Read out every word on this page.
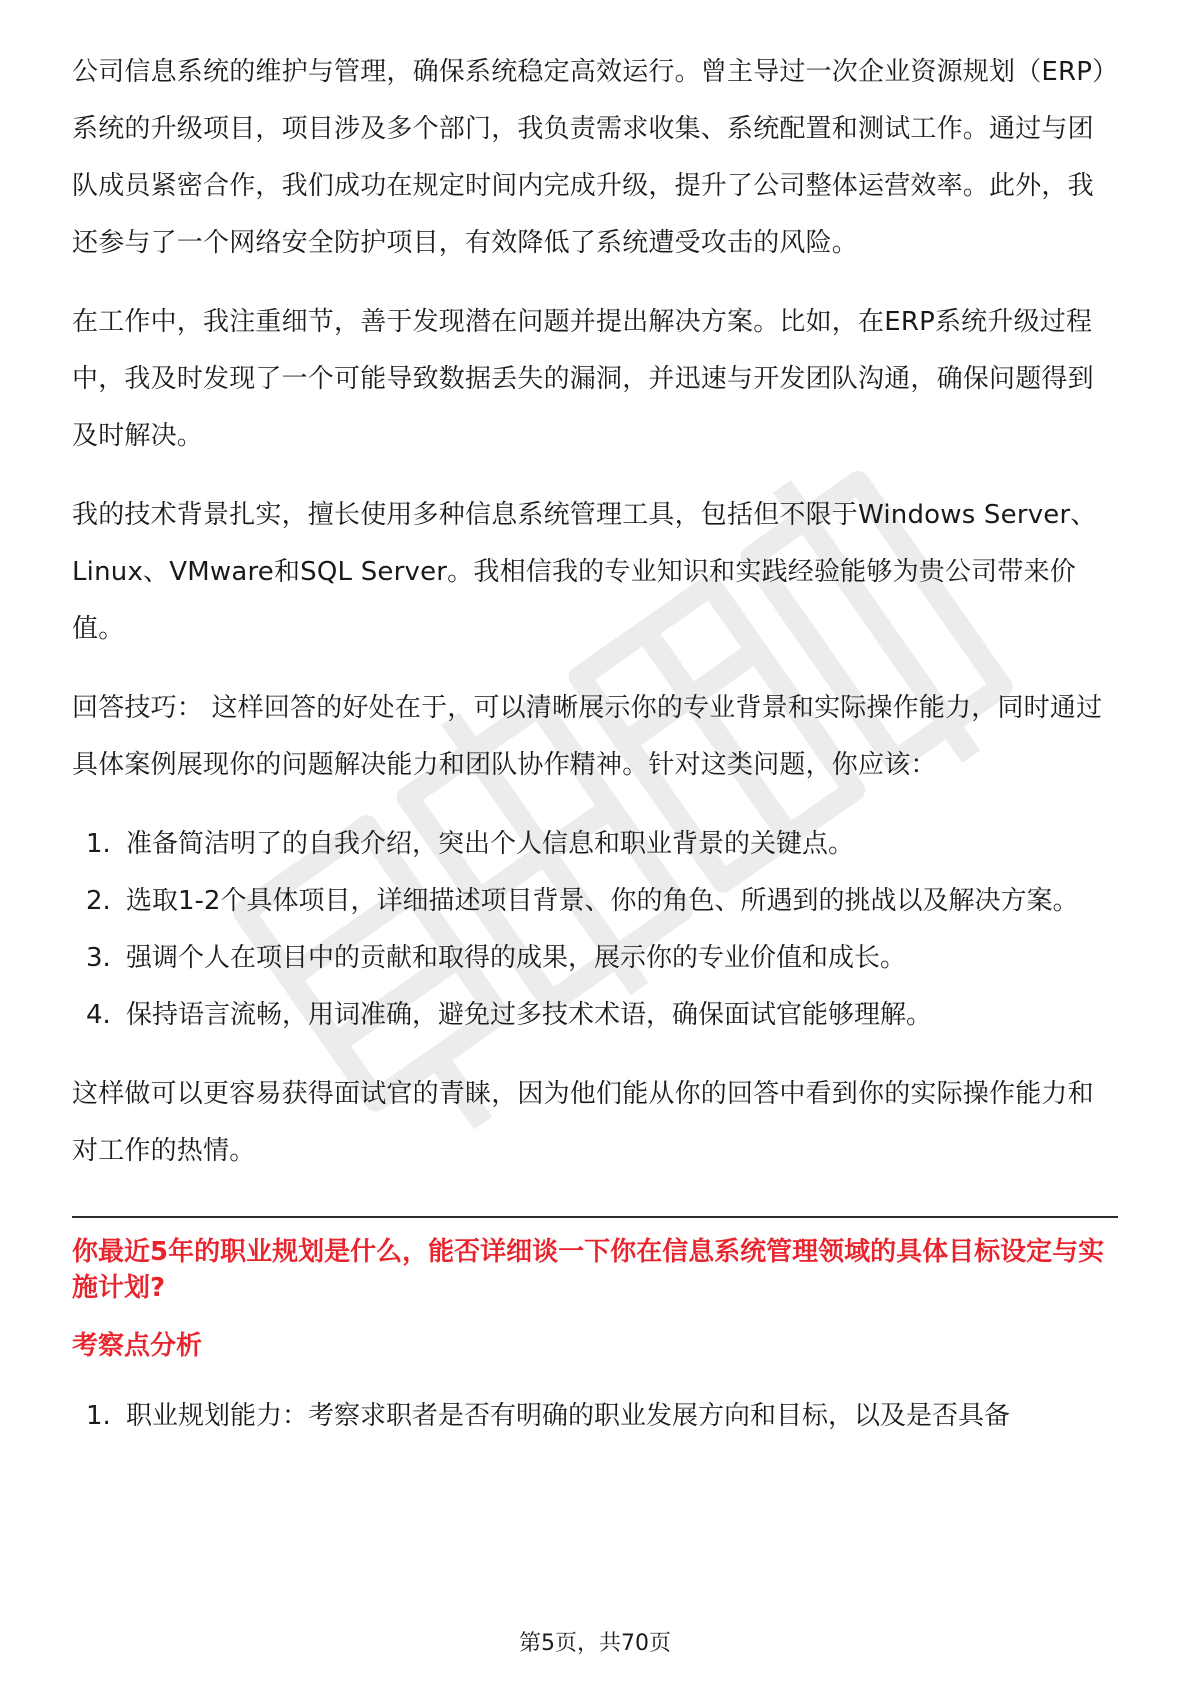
公司信息系统的维护与管理，确保系统稳定高效运行。曾主导过一次企业资源规划（ERP）系统的升级项目，项目涉及多个部门，我负责需求收集、系统配置和测试工作。通过与团队成员紧密合作，我们成功在规定时间内完成升级，提升了公司整体运营效率。此外，我还参与了一个网络安全防护项目，有效降低了系统遭受攻击的风险。

在工作中，我注重细节，善于发现潜在问题并提出解决方案。比如，在ERP系统升级过程中，我及时发现了一个可能导致数据丢失的漏洞，并迅速与开发团队沟通，确保问题得到及时解决。

我的技术背景扎实，擅长使用多种信息系统管理工具，包括但不限于Windows Server、Linux、VMware和SQL Server。我相信我的专业知识和实践经验能够为贵公司带来价值。

回答技巧： 这样回答的好处在于，可以清晰展示你的专业背景和实际操作能力，同时通过具体案例展现你的问题解决能力和团队协作精神。针对这类问题，你应该：

1. 准备简洁明了的自我介绍，突出个人信息和职业背景的关键点。
2. 选取1-2个具体项目，详细描述项目背景、你的角色、所遇到的挑战以及解决方案。
3. 强调个人在项目中的贡献和取得的成果，展示你的专业价值和成长。
4. 保持语言流畅，用词准确，避免过多技术术语，确保面试官能够理解。

这样做可以更容易获得面试官的青睐，因为他们能从你的回答中看到你的实际操作能力和对工作的热情。

你最近5年的职业规划是什么，能否详细谈一下你在信息系统管理领域的具体目标设定与实施计划?
考察点分析
1. 职业规划能力：考察求职者是否有明确的职业发展方向和目标，以及是否具备
第5页，共70页
